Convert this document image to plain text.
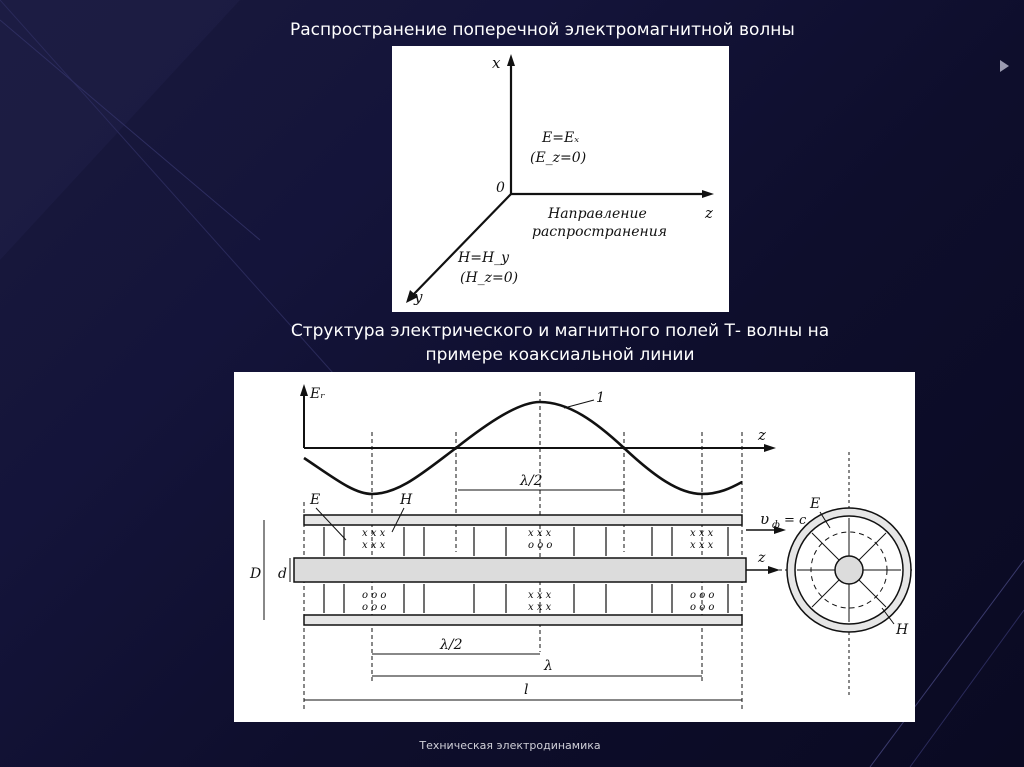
Распространение поперечной электромагнитной волны
x
z
y
0
E=Eₓ
(E_z=0)
H=H_y
(H_z=0)
Направление
распространения
Структура электрического и магнитного полей Т- волны на
примере коаксиальной линии
Eᵣ
z
1
λ/2
z
x x x
x x x
o o o
o o o
x x x
o o o
x x x
x x x
x x x
x x x
o o o
o o o
E	H
υ ф = c
D d
λ/2
λ
l
E
H
Техническая электродинамика
